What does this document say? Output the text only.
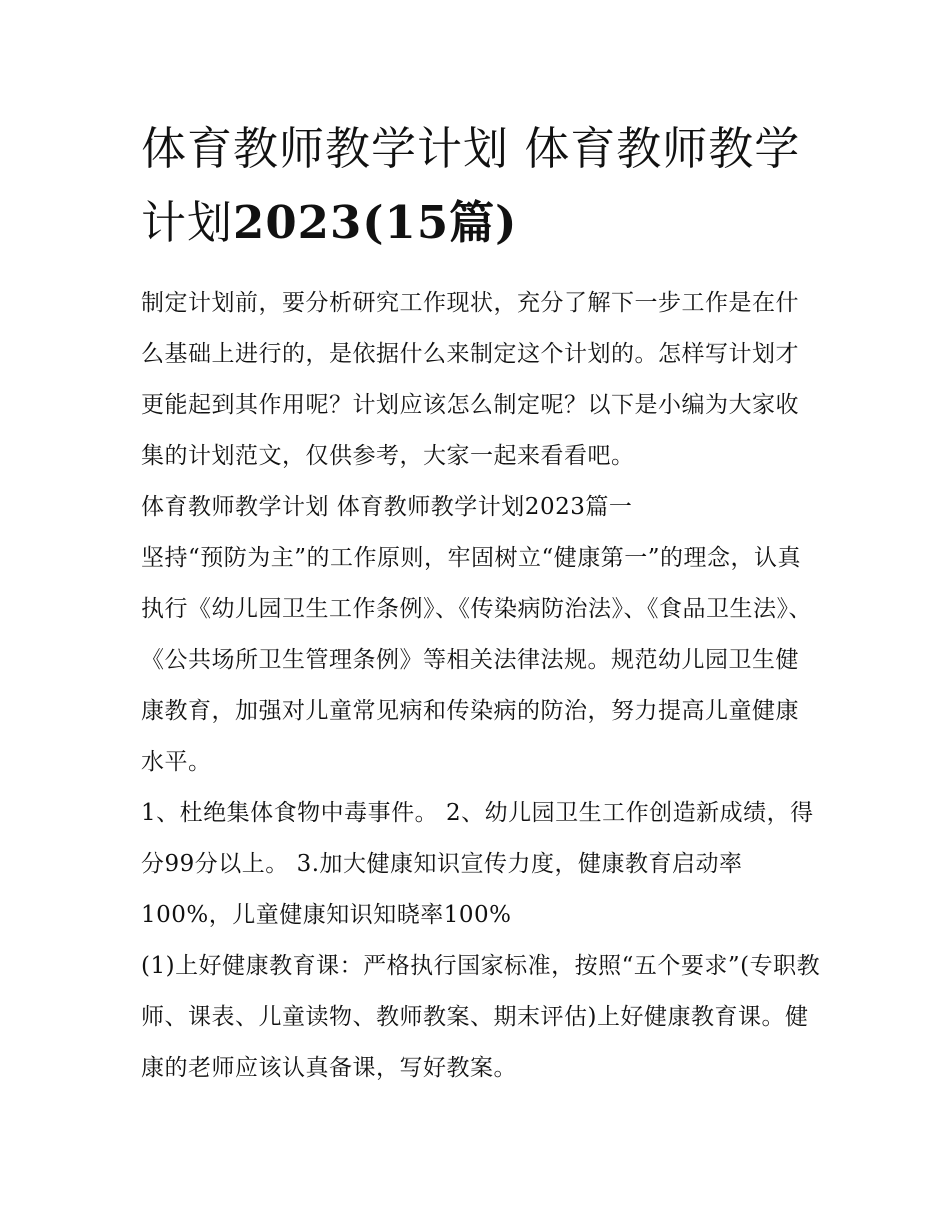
体育教师教学计划 体育教师教学计划2023(15篇)

制定计划前，要分析研究工作现状，充分了解下一步工作是在什么基础上进行的，是依据什么来制定这个计划的。怎样写计划才更能起到其作用呢？计划应该怎么制定呢？以下是小编为大家收集的计划范文，仅供参考，大家一起来看看吧。

体育教师教学计划 体育教师教学计划2023篇一

坚持“预防为主”的工作原则，牢固树立“健康第一”的理念，认真执行《幼儿园卫生工作条例》、《传染病防治法》、《食品卫生法》、《公共场所卫生管理条例》等相关法律法规。规范幼儿园卫生健康教育，加强对儿童常见病和传染病的防治，努力提高儿童健康水平。

1、杜绝集体食物中毒事件。 2、幼儿园卫生工作创造新成绩，得分99分以上。 3.加大健康知识宣传力度，健康教育启动率100%，儿童健康知识知晓率100%

(1)上好健康教育课：严格执行国家标准，按照“五个要求”(专职教师、课表、儿童读物、教师教案、期末评估)上好健康教育课。健康的老师应该认真备课，写好教案。
